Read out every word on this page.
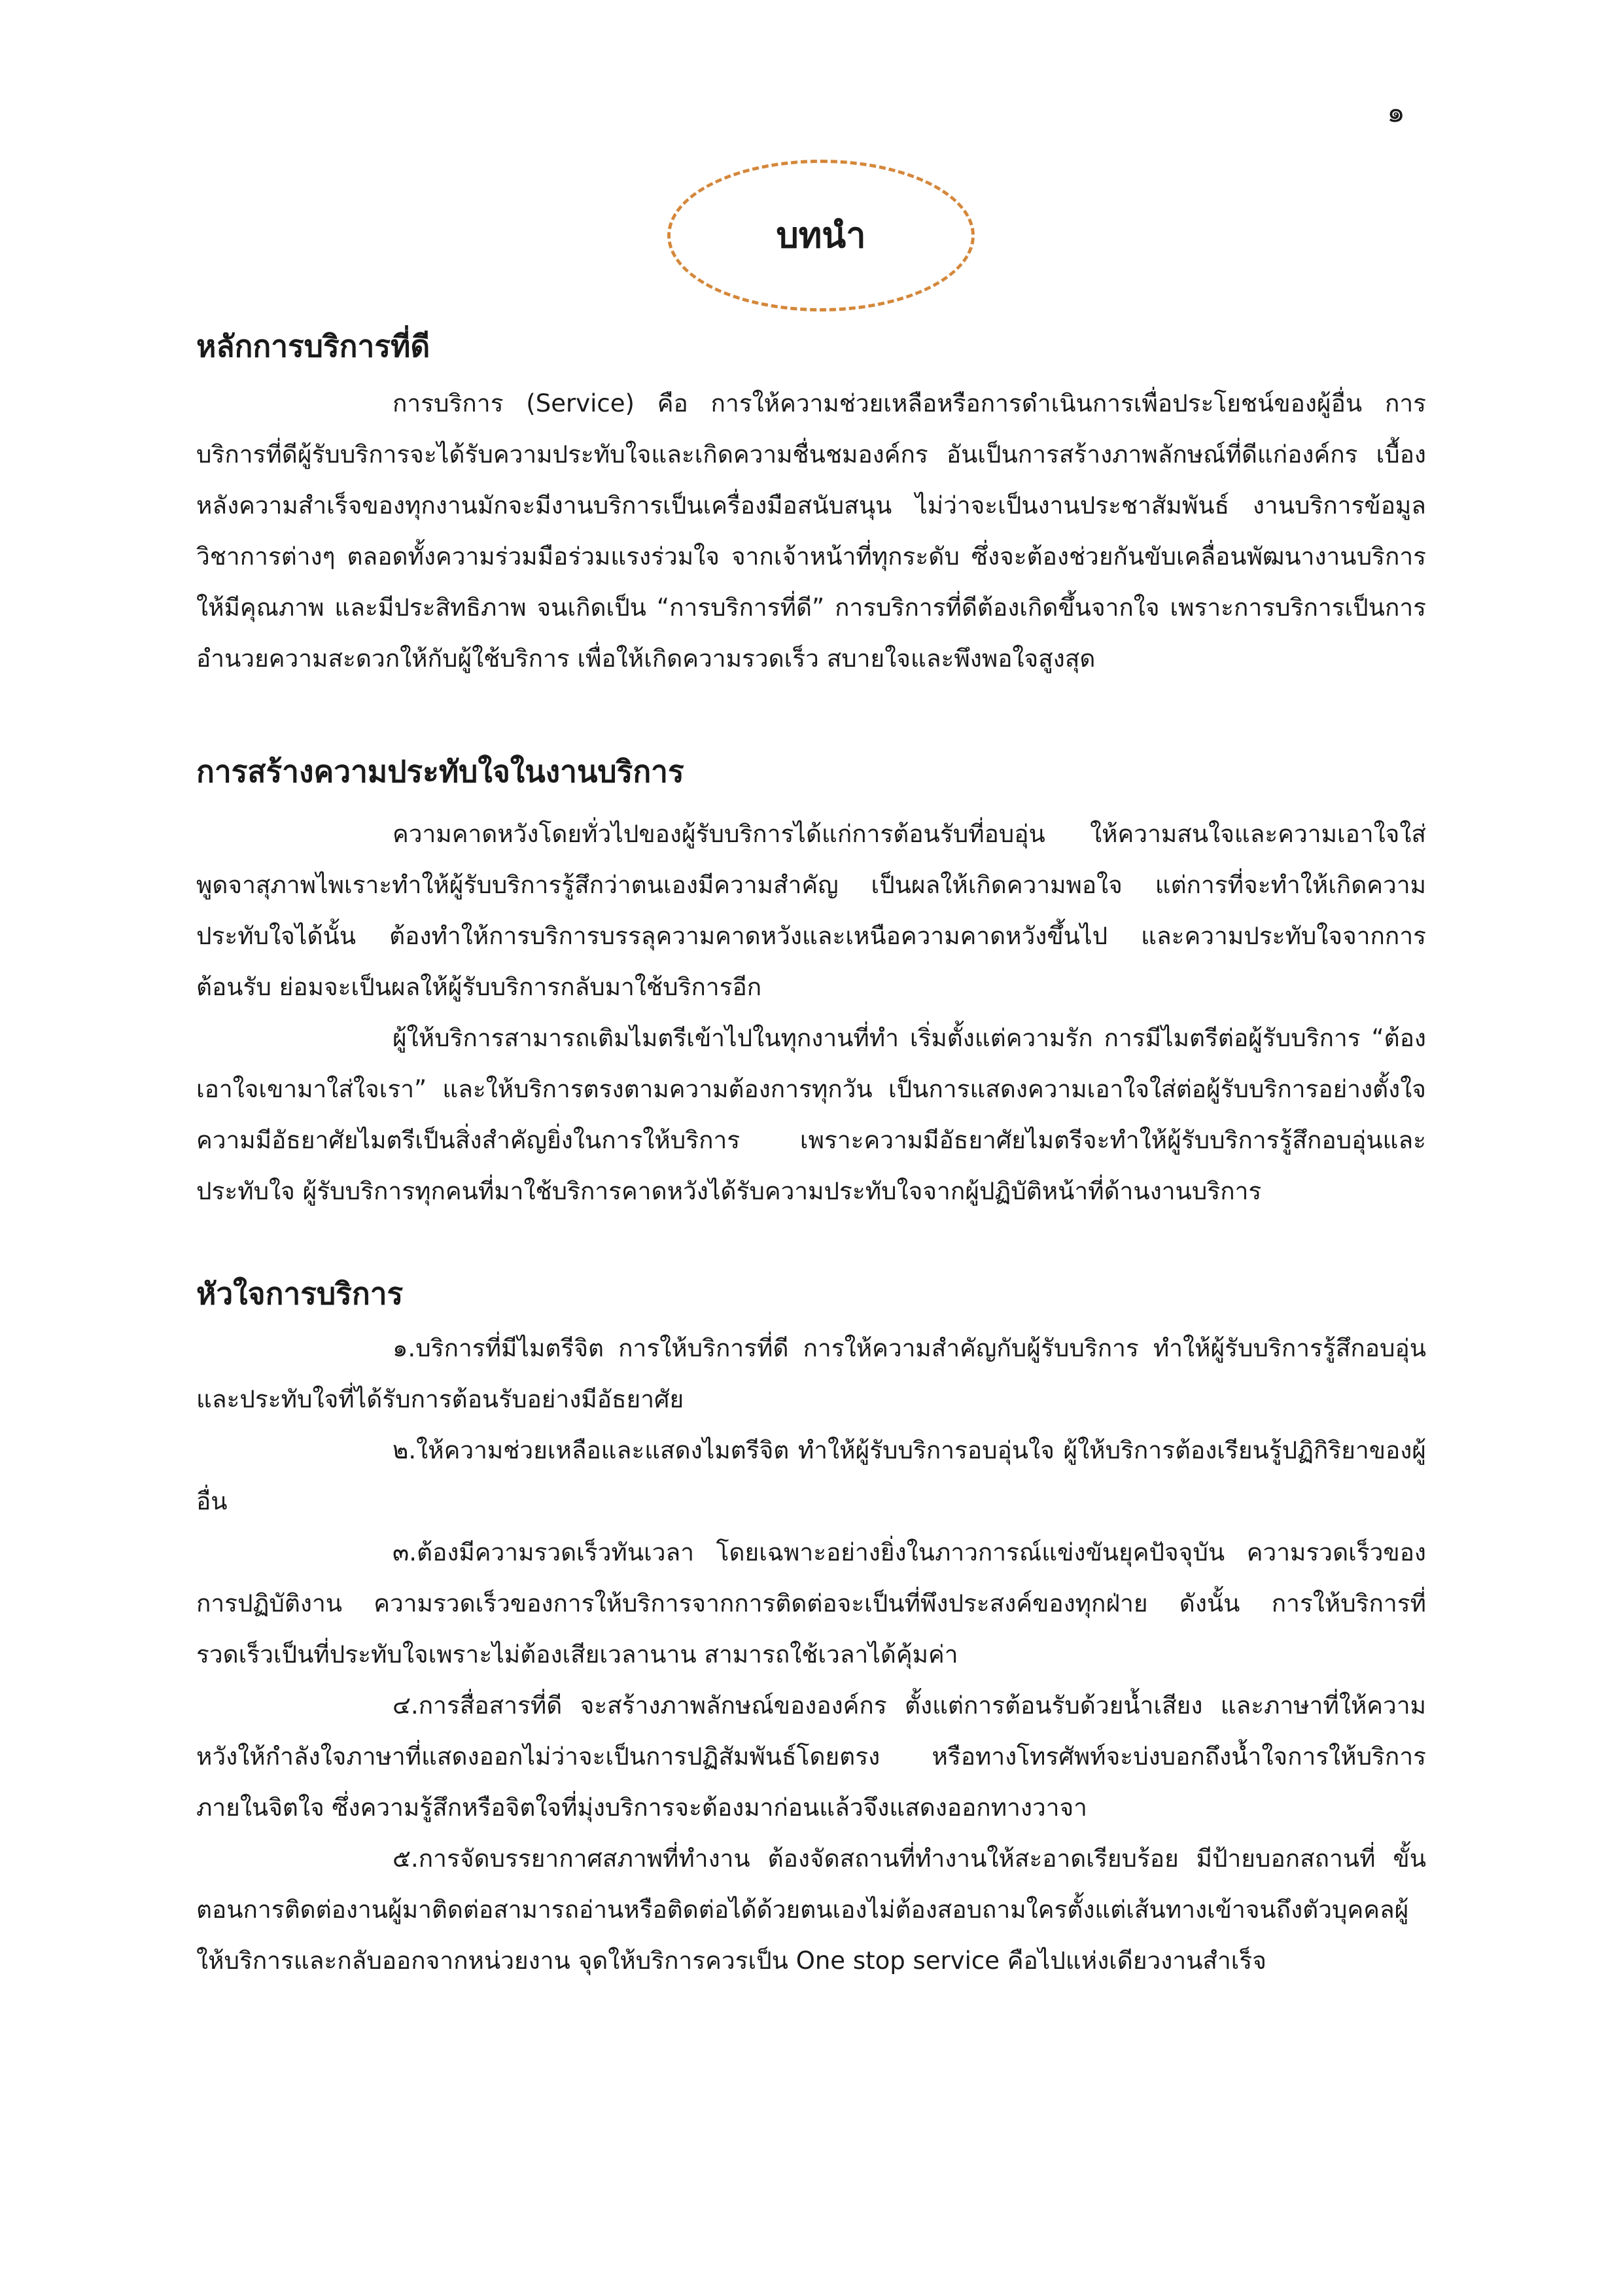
๑
บทนำ
หลักการบริการที่ดี

การบริการ (Service) คือ การให้ความช่วยเหลือหรือการดำเนินการเพื่อประโยชน์ของผู้อื่น การบริการที่ดีผู้รับบริการจะได้รับความประทับใจและเกิดความชื่นชมองค์กร อันเป็นการสร้างภาพลักษณ์ที่ดีแก่องค์กร เบื้องหลังความสำเร็จของทุกงานมักจะมีงานบริการเป็นเครื่องมือสนับสนุน ไม่ว่าจะเป็นงานประชาสัมพันธ์ งานบริการข้อมูลวิชาการต่างๆ ตลอดทั้งความร่วมมือร่วมแรงร่วมใจ จากเจ้าหน้าที่ทุกระดับ ซึ่งจะต้องช่วยกันขับเคลื่อนพัฒนางานบริการให้มีคุณภาพ และมีประสิทธิภาพ จนเกิดเป็น “การบริการที่ดี” การบริการที่ดีต้องเกิดขึ้นจากใจ เพราะการบริการเป็นการอำนวยความสะดวกให้กับผู้ใช้บริการ เพื่อให้เกิดความรวดเร็ว สบายใจและพึงพอใจสูงสุด

การสร้างความประทับใจในงานบริการ

ความคาดหวังโดยทั่วไปของผู้รับบริการได้แก่การต้อนรับที่อบอุ่น ให้ความสนใจและความเอาใจใส่ พูดจาสุภาพไพเราะทำให้ผู้รับบริการรู้สึกว่าตนเองมีความสำคัญ เป็นผลให้เกิดความพอใจ แต่การที่จะทำให้เกิดความประทับใจได้นั้น ต้องทำให้การบริการบรรลุความคาดหวังและเหนือความคาดหวังขึ้นไป และความประทับใจจากการต้อนรับ ย่อมจะเป็นผลให้ผู้รับบริการกลับมาใช้บริการอีก

ผู้ให้บริการสามารถเติมไมตรีเข้าไปในทุกงานที่ทำ เริ่มตั้งแต่ความรัก การมีไมตรีต่อผู้รับบริการ “ต้องเอาใจเขามาใส่ใจเรา” และให้บริการตรงตามความต้องการทุกวัน เป็นการแสดงความเอาใจใส่ต่อผู้รับบริการอย่างตั้งใจ ความมีอัธยาศัยไมตรีเป็นสิ่งสำคัญยิ่งในการให้บริการ เพราะความมีอัธยาศัยไมตรีจะทำให้ผู้รับบริการรู้สึกอบอุ่นและประทับใจ ผู้รับบริการทุกคนที่มาใช้บริการคาดหวังได้รับความประทับใจจากผู้ปฏิบัติหน้าที่ด้านงานบริการ

หัวใจการบริการ

๑.บริการที่มีไมตรีจิต การให้บริการที่ดี การให้ความสำคัญกับผู้รับบริการ ทำให้ผู้รับบริการรู้สึกอบอุ่นและประทับใจที่ได้รับการต้อนรับอย่างมีอัธยาศัย

๒.ให้ความช่วยเหลือและแสดงไมตรีจิต ทำให้ผู้รับบริการอบอุ่นใจ ผู้ให้บริการต้องเรียนรู้ปฏิกิริยาของผู้อื่น

๓.ต้องมีความรวดเร็วทันเวลา โดยเฉพาะอย่างยิ่งในภาวการณ์แข่งขันยุคปัจจุบัน ความรวดเร็วของการปฏิบัติงาน ความรวดเร็วของการให้บริการจากการติดต่อจะเป็นที่พึงประสงค์ของทุกฝ่าย ดังนั้น การให้บริการที่รวดเร็วเป็นที่ประทับใจเพราะไม่ต้องเสียเวลานาน สามารถใช้เวลาได้คุ้มค่า

๔.การสื่อสารที่ดี จะสร้างภาพลักษณ์ขององค์กร ตั้งแต่การต้อนรับด้วยน้ำเสียง และภาษาที่ให้ความหวังให้กำลังใจภาษาที่แสดงออกไม่ว่าจะเป็นการปฏิสัมพันธ์โดยตรง หรือทางโทรศัพท์จะบ่งบอกถึงน้ำใจการให้บริการภายในจิตใจ ซึ่งความรู้สึกหรือจิตใจที่มุ่งบริการจะต้องมาก่อนแล้วจึงแสดงออกทางวาจา

๕.การจัดบรรยากาศสภาพที่ทำงาน ต้องจัดสถานที่ทำงานให้สะอาดเรียบร้อย มีป้ายบอกสถานที่ ขั้นตอนการติดต่องานผู้มาติดต่อสามารถอ่านหรือติดต่อได้ด้วยตนเองไม่ต้องสอบถามใครตั้งแต่เส้นทางเข้าจนถึงตัวบุคคลผู้ให้บริการและกลับออกจากหน่วยงาน จุดให้บริการควรเป็น One stop service คือไปแห่งเดียวงานสำเร็จ
